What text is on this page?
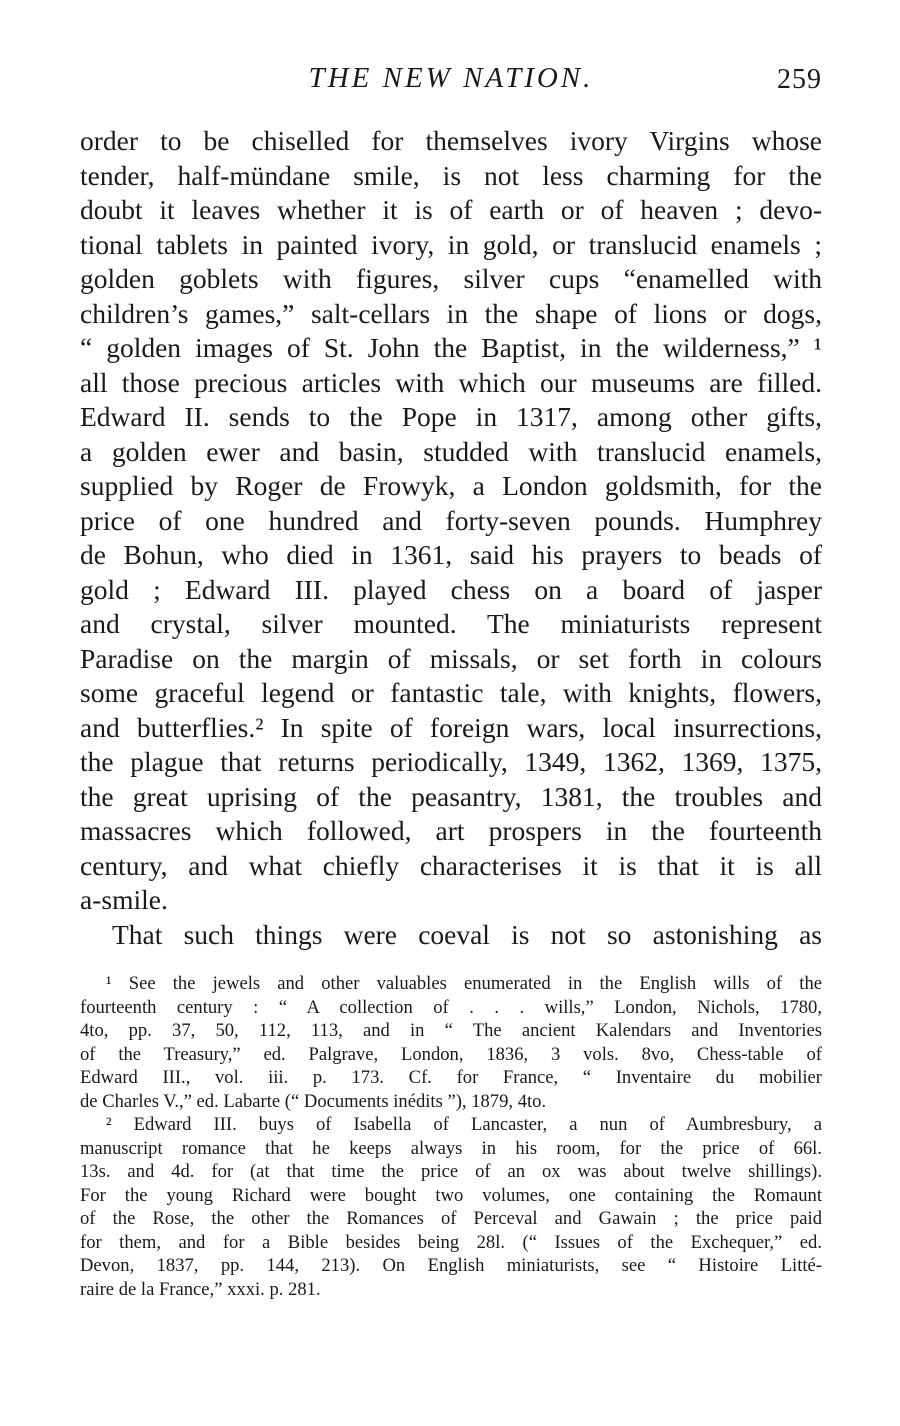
THE NEW NATION.	259
order to be chiselled for themselves ivory Virgins whose
tender, half-mündane smile, is not less charming for the
doubt it leaves whether it is of earth or of heaven ; devo-
tional tablets in painted ivory, in gold, or translucid enamels ;
golden goblets with figures, silver cups “enamelled with
children’s games,” salt-cellars in the shape of lions or dogs,
“ golden images of St. John the Baptist, in the wilderness,” ¹
all those precious articles with which our museums are filled.
Edward II. sends to the Pope in 1317, among other gifts,
a golden ewer and basin, studded with translucid enamels,
supplied by Roger de Frowyk, a London goldsmith, for the
price of one hundred and forty-seven pounds. Humphrey
de Bohun, who died in 1361, said his prayers to beads of
gold ; Edward III. played chess on a board of jasper
and crystal, silver mounted. The miniaturists represent
Paradise on the margin of missals, or set forth in colours
some graceful legend or fantastic tale, with knights, flowers,
and butterflies.² In spite of foreign wars, local insurrections,
the plague that returns periodically, 1349, 1362, 1369, 1375,
the great uprising of the peasantry, 1381, the troubles and
massacres which followed, art prospers in the fourteenth
century, and what chiefly characterises it is that it is all
a-smile.
That such things were coeval is not so astonishing as
¹ See the jewels and other valuables enumerated in the English wills of the
fourteenth century : “ A collection of . . . wills,” London, Nichols, 1780,
4to, pp. 37, 50, 112, 113, and in “ The ancient Kalendars and Inventories
of the Treasury,” ed. Palgrave, London, 1836, 3 vols. 8vo, Chess-table of
Edward III., vol. iii. p. 173. Cf. for France, “ Inventaire du mobilier
de Charles V.,” ed. Labarte (“ Documents inédits ”), 1879, 4to.
² Edward III. buys of Isabella of Lancaster, a nun of Aumbresbury, a
manuscript romance that he keeps always in his room, for the price of 66l.
13s. and 4d. for (at that time the price of an ox was about twelve shillings).
For the young Richard were bought two volumes, one containing the Romaunt
of the Rose, the other the Romances of Perceval and Gawain ; the price paid
for them, and for a Bible besides being 28l. (“ Issues of the Exchequer,” ed.
Devon, 1837, pp. 144, 213). On English miniaturists, see “ Histoire Litté-
raire de la France,” xxxi. p. 281.
